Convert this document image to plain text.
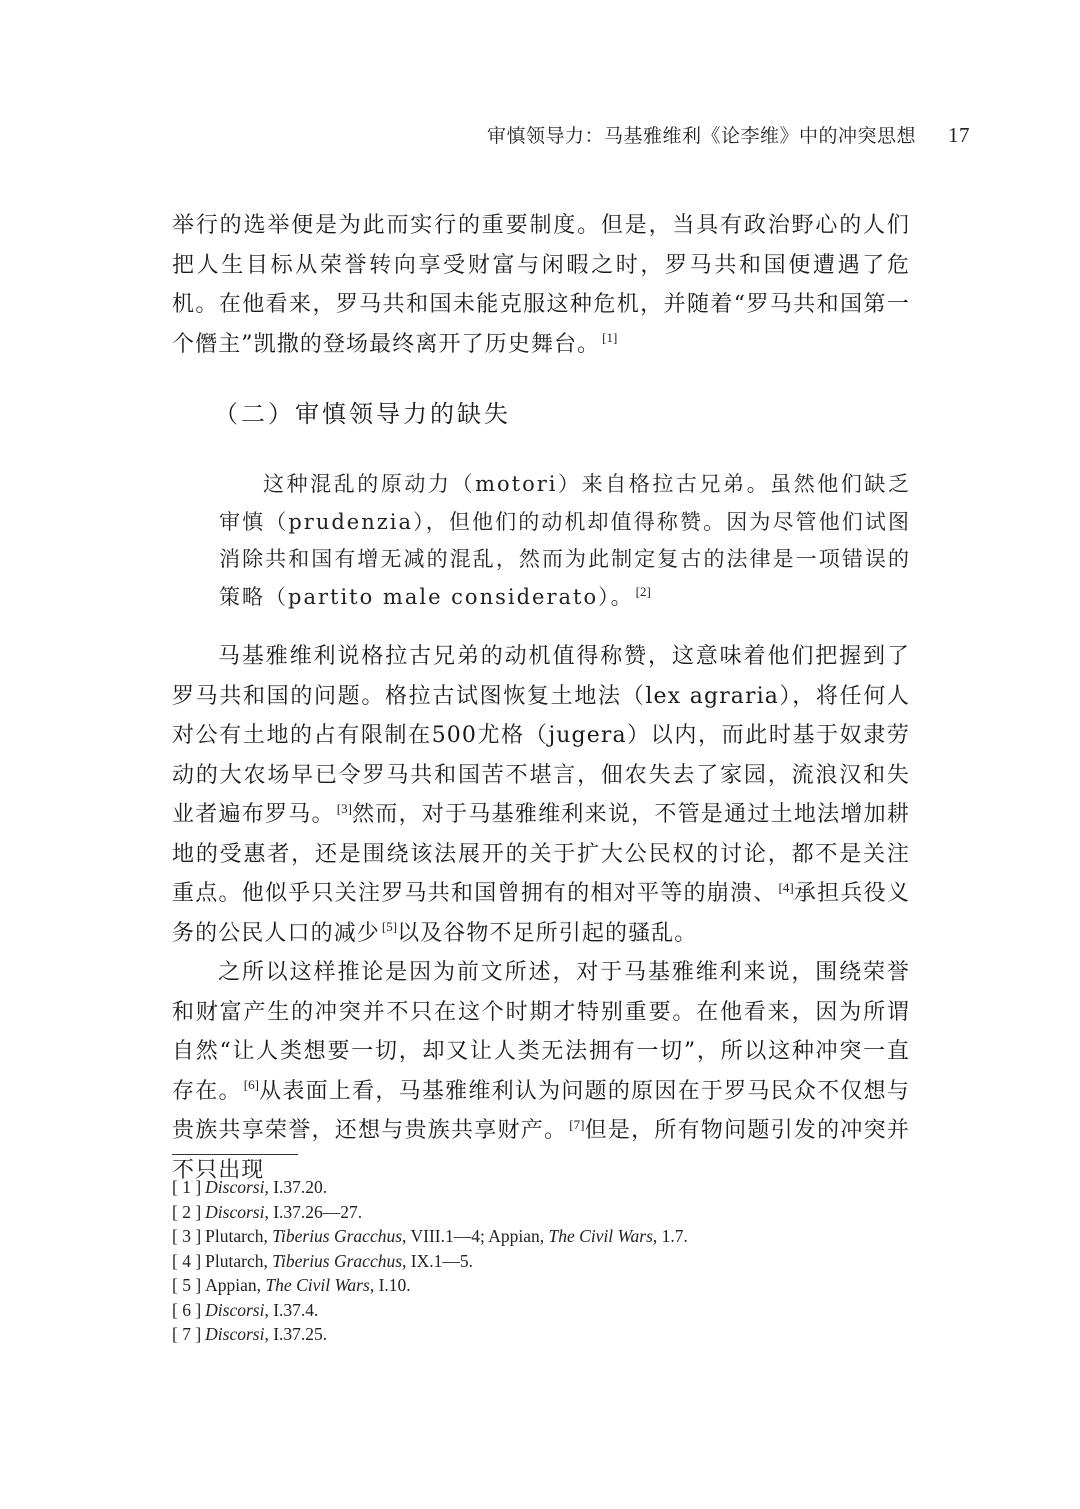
审慎领导力：马基雅维利《论李维》中的冲突思想 17

举行的选举便是为此而实行的重要制度。但是，当具有政治野心的人们把人生目标从荣誉转向享受财富与闲暇之时，罗马共和国便遭遇了危机。在他看来，罗马共和国未能克服这种危机，并随着“罗马共和国第一个僭主”凯撒的登场最终离开了历史舞台。 [1]

（二）审慎领导力的缺失

这种混乱的原动力（motori）来自格拉古兄弟。虽然他们缺乏审慎（prudenzia），但他们的动机却值得称赞。因为尽管他们试图消除共和国有增无减的混乱，然而为此制定复古的法律是一项错误的策略（partito male considerato）。 [2]

马基雅维利说格拉古兄弟的动机值得称赞，这意味着他们把握到了罗马共和国的问题。格拉古试图恢复土地法（lex agraria），将任何人对公有土地的占有限制在500尤格（jugera）以内，而此时基于奴隶劳动的大农场早已令罗马共和国苦不堪言，佃农失去了家园，流浪汉和失业者遍布罗马。 [3]然而，对于马基雅维利来说，不管是通过土地法增加耕地的受惠者，还是围绕该法展开的关于扩大公民权的讨论，都不是关注重点。他似乎只关注罗马共和国曾拥有的相对平等的崩溃、 [4]承担兵役义务的公民人口的减少 [5]以及谷物不足所引起的骚乱。

之所以这样推论是因为前文所述，对于马基雅维利来说，围绕荣誉和财富产生的冲突并不只在这个时期才特别重要。在他看来，因为所谓自然“让人类想要一切，却又让人类无法拥有一切”，所以这种冲突一直存在。 [6]从表面上看，马基雅维利认为问题的原因在于罗马民众不仅想与贵族共享荣誉，还想与贵族共享财产。 [7]但是，所有物问题引发的冲突并不只出现

[ 1 ] Discorsi, I.37.20.
[ 2 ] Discorsi, I.37.26—27.
[ 3 ] Plutarch, Tiberius Gracchus, VIII.1—4; Appian, The Civil Wars, 1.7.
[ 4 ] Plutarch, Tiberius Gracchus, IX.1—5.
[ 5 ] Appian, The Civil Wars, I.10.
[ 6 ] Discorsi, I.37.4.
[ 7 ] Discorsi, I.37.25.
